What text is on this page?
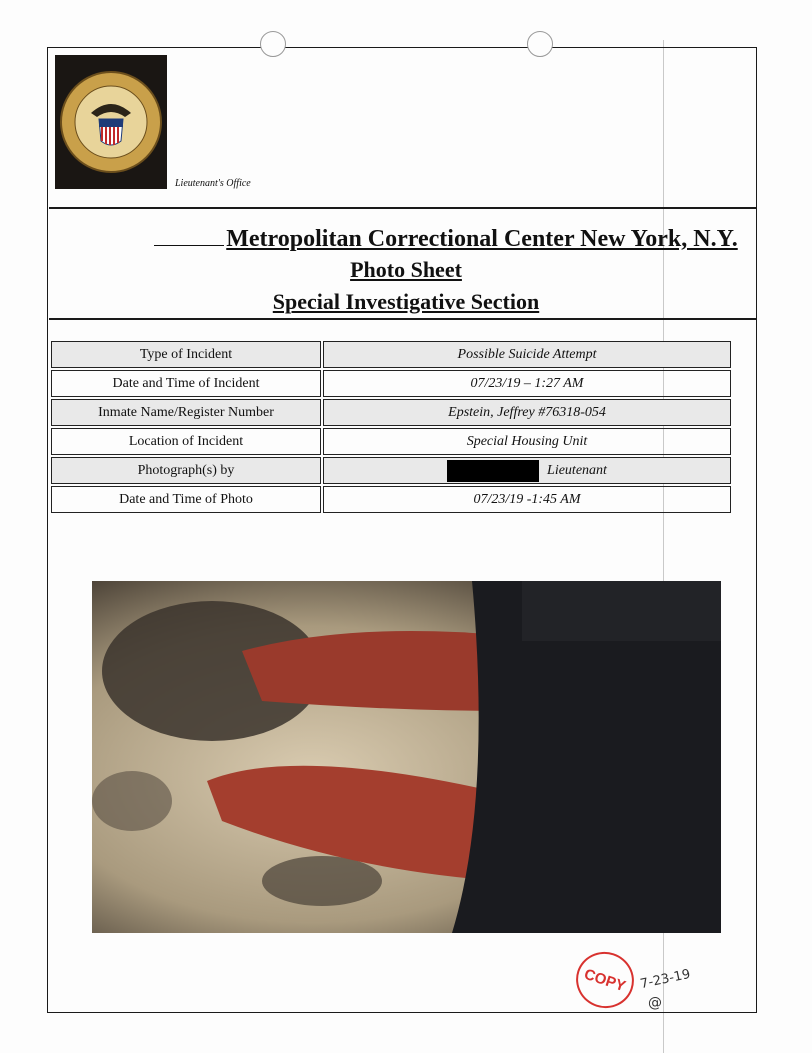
Lieutenant's Office
Metropolitan Correctional Center New York, N.Y.
Photo Sheet
Special Investigative Section
Type of Incident	Possible Suicide Attempt
Date and Time of Incident	07/23/19 – 1:27 AM
Inmate Name/Register Number	Epstein, Jeffrey #76318-054
Location of Incident	Special Housing Unit
Photograph(s) by	Lieutenant
Date and Time of Photo	07/23/19 -1:45 AM
COPY 7-23-19
@
